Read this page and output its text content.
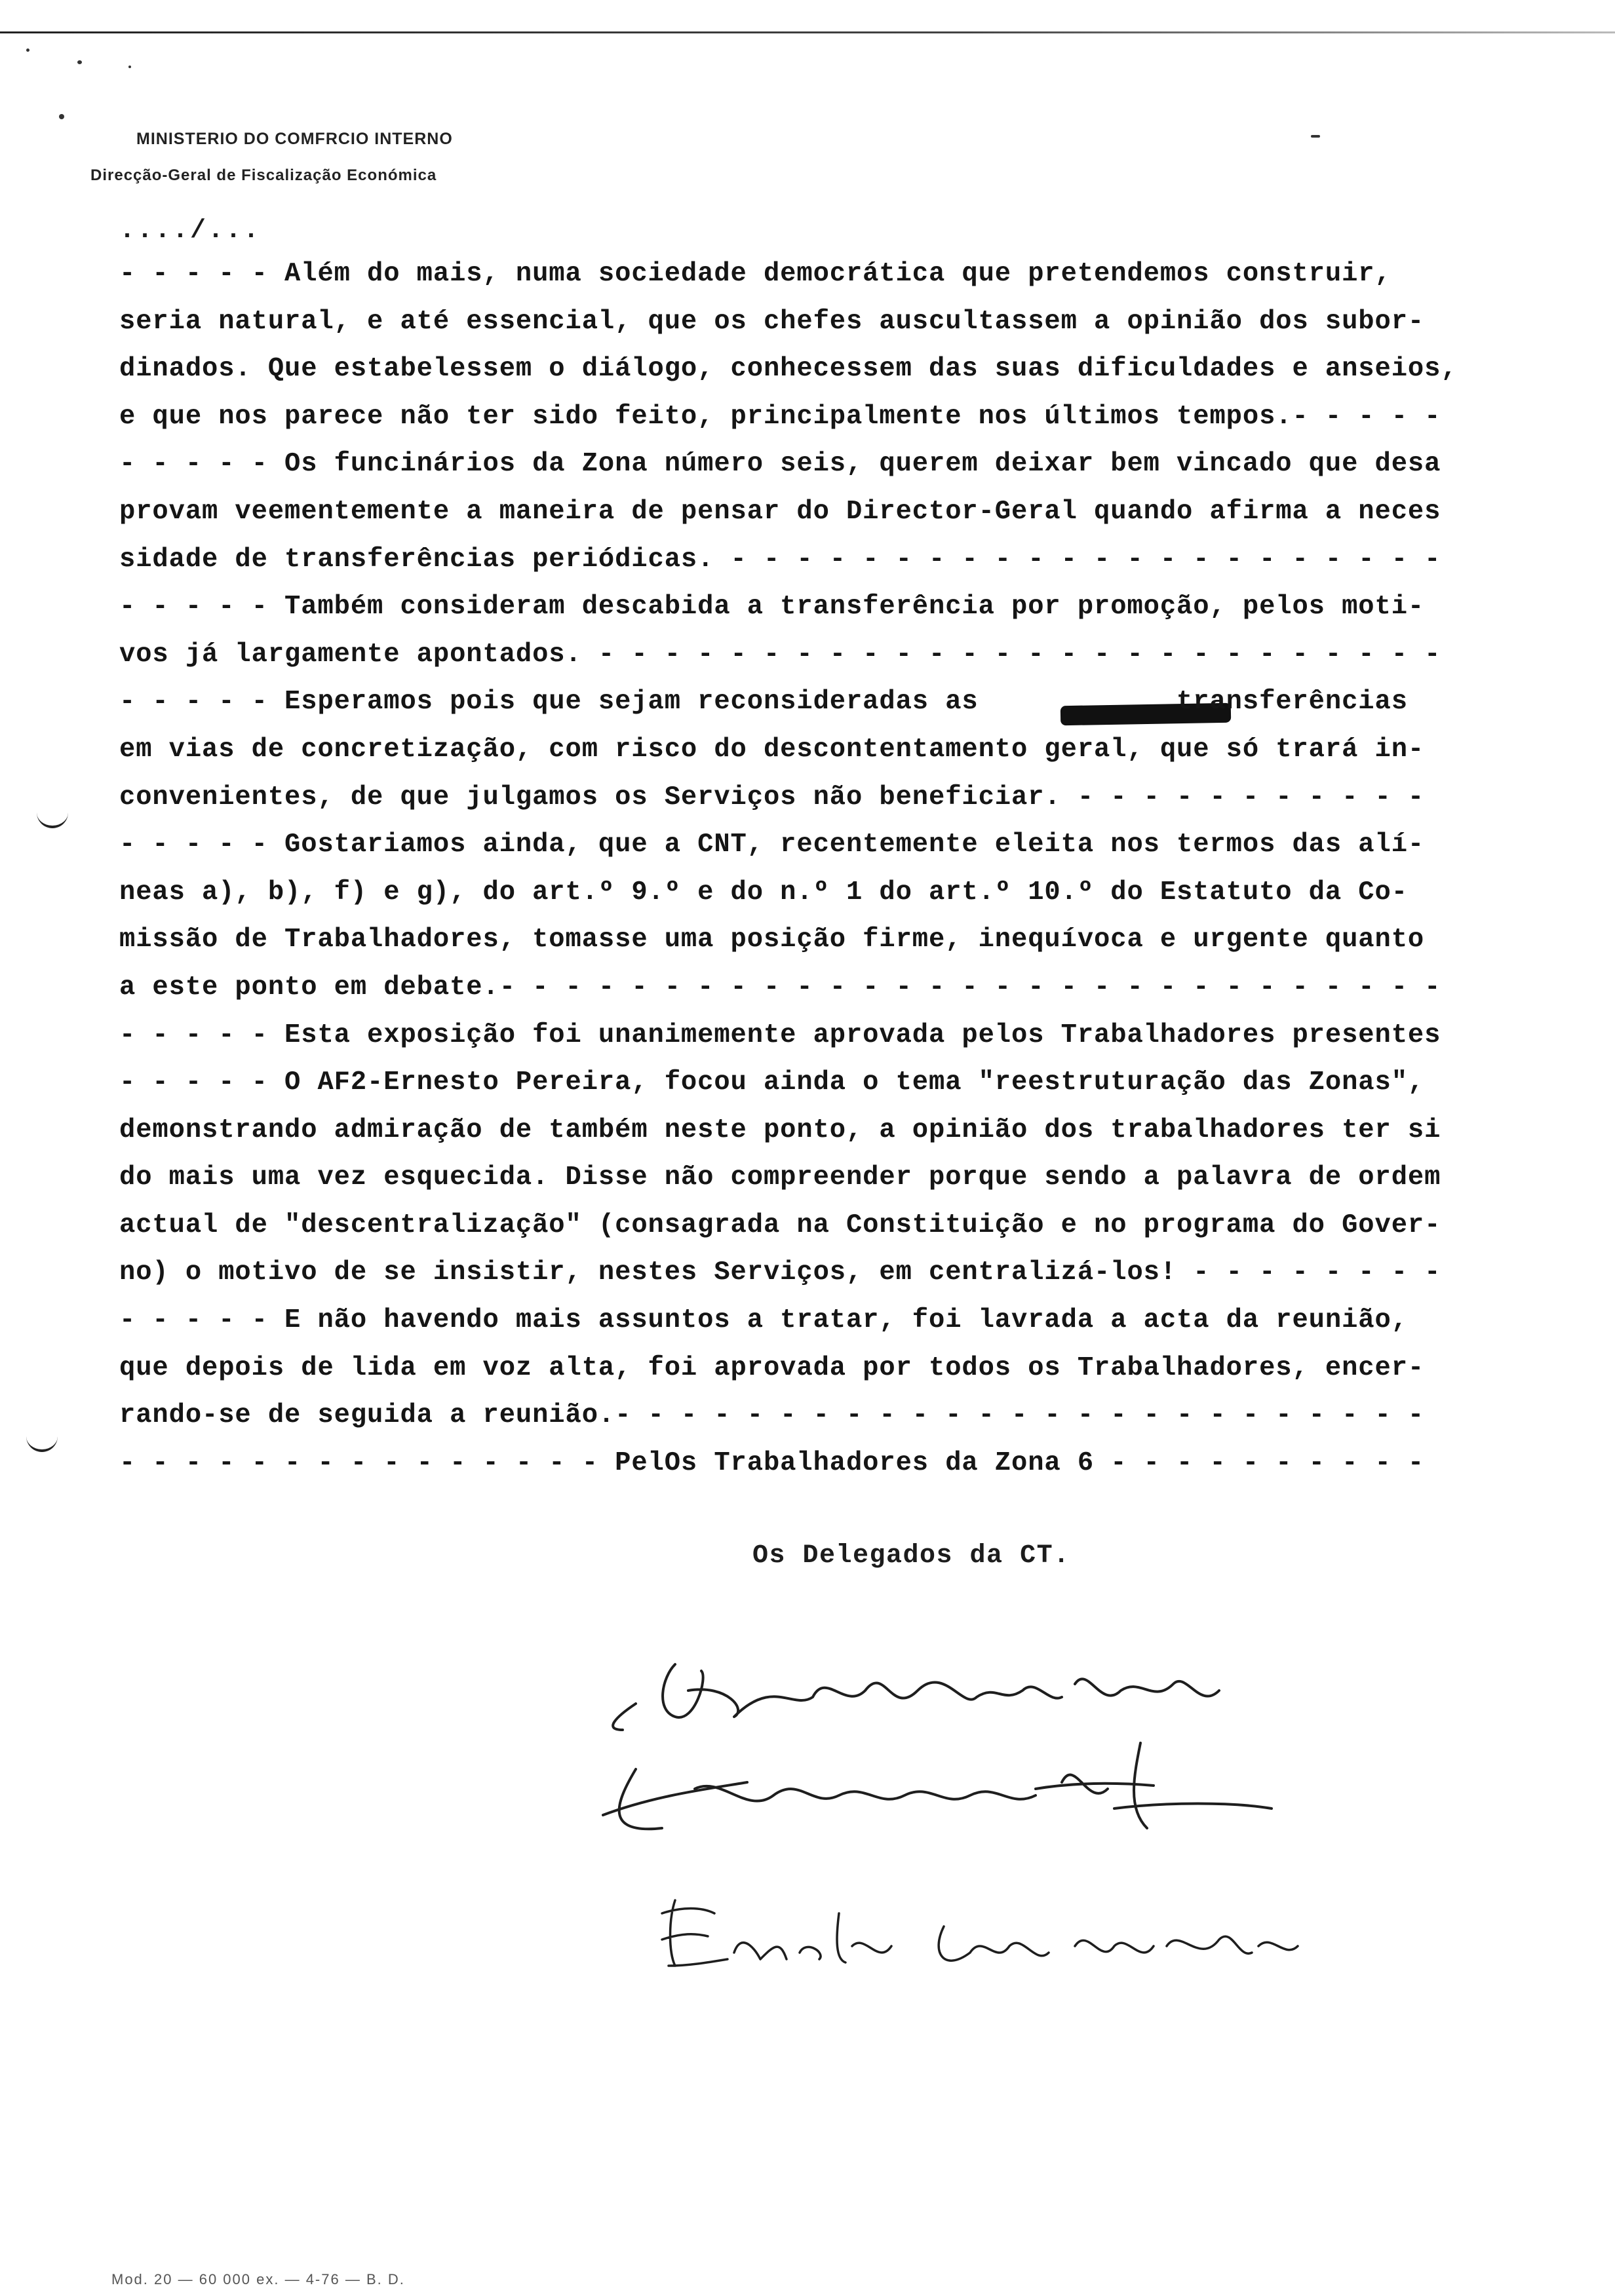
MINISTERIO DO COMFRCIO INTERNO
Direcção-Geral de Fiscalização Económica
..../...
- - - - - Além do mais, numa sociedade democrática que pretendemos construir,
seria natural, e até essencial, que os chefes auscultassem a opinião dos subor-
dinados. Que estabelessem o diálogo, conhecessem das suas dificuldades e anseios,
e que nos parece não ter sido feito, principalmente nos últimos tempos.- - - - -
- - - - - Os funcinários da Zona número seis, querem deixar bem vincado que desa
provam veementemente a maneira de pensar do Director-Geral quando afirma a neces
sidade de transferências periódicas. - - - - - - - - - - - - - - - - - - - - - -
- - - - - Também consideram descabida a transferência por promoção, pelos moti-
vos já largamente apontados. - - - - - - - - - - - - - - - - - - - - - - - - - -
- - - - - Esperamos pois que sejam reconsideradas as            transferências
em vias de concretização, com risco do descontentamento geral, que só trará in-
convenientes, de que julgamos os Serviços não beneficiar. - - - - - - - - - - -
- - - - - Gostariamos ainda, que a CNT, recentemente eleita nos termos das alí-
neas a), b), f) e g), do art.º 9.º e do n.º 1 do art.º 10.º do Estatuto da Co-
missão de Trabalhadores, tomasse uma posição firme, inequívoca e urgente quanto
a este ponto em debate.- - - - - - - - - - - - - - - - - - - - - - - - - - - - -
- - - - - Esta exposição foi unanimemente aprovada pelos Trabalhadores presentes
- - - - - O AF2-Ernesto Pereira, focou ainda o tema "reestruturação das Zonas",
demonstrando admiração de também neste ponto, a opinião dos trabalhadores ter si
do mais uma vez esquecida. Disse não compreender porque sendo a palavra de ordem
actual de "descentralização" (consagrada na Constituição e no programa do Gover-
no) o motivo de se insistir, nestes Serviços, em centralizá-los! - - - - - - - -
- - - - - E não havendo mais assuntos a tratar, foi lavrada a acta da reunião,
que depois de lida em voz alta, foi aprovada por todos os Trabalhadores, encer-
rando-se de seguida a reunião.- - - - - - - - - - - - - - - - - - - - - - - - -
- - - - - - - - - - - - - - - PelOs Trabalhadores da Zona 6 - - - - - - - - - -
Os Delegados da CT.
Mod. 20 — 60 000 ex. — 4-76 — B. D.
